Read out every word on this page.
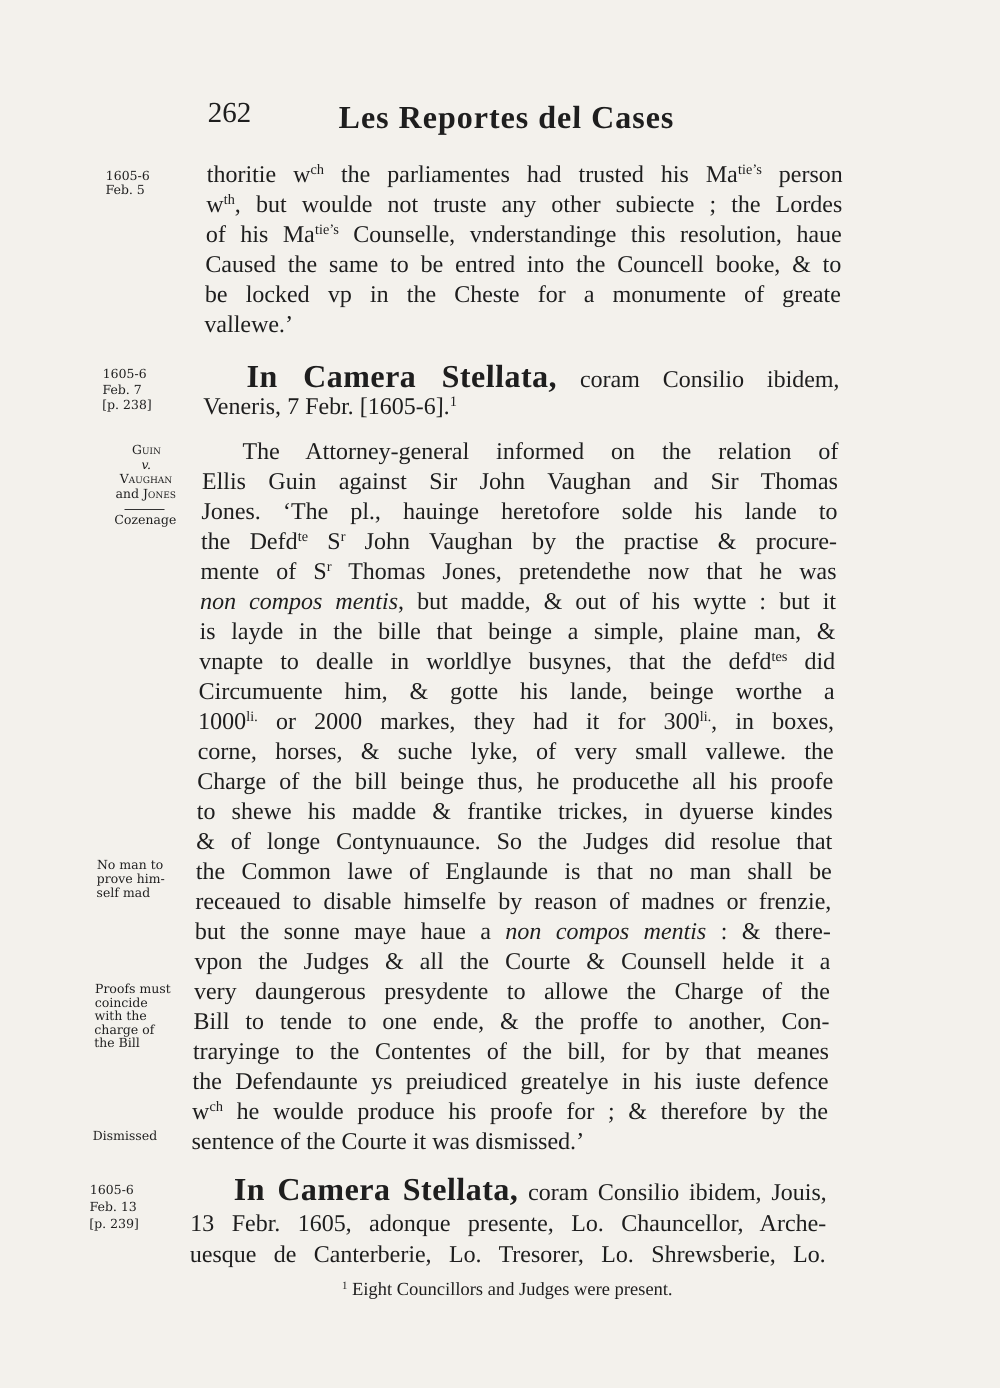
262	Les Reportes del Cases
1605-6
Feb. 5
1605-6
Feb. 7
[p. 238]
Guin
v.
Vaughan
and Jones
Cozenage
No man to
prove him-
self mad
Proofs must
coincide
with the
charge of
the Bill
Dismissed
1605-6
Feb. 13
[p. 239]
thoritie $w^{ch}$ the parliamentes had trusted his $Ma^{tie’s}$ person
$w^{th}$, but woulde not truste any other subiecte ; the Lordes
of his $Ma^{tie’s}$ Counselle, vnderstandinge this resolution, haue
Caused the same to be entred into the Councell booke, & to
be locked vp in the Cheste for a monumente of greate
vallewe.’
In Camera Stellata, coram Consilio ibidem,
Veneris, 7 Febr. [1605-6].$^1$
The Attorney-general informed on the relation of
Ellis Guin against Sir John Vaughan and Sir Thomas
Jones. ‘The pl., hauinge heretofore solde his lande to
the Defd$^{te}$ $S^r$ John Vaughan by the practise & procure-
mente of $S^r$ Thomas Jones, pretendethe now that he was
non compos mentis, but madde, & out of his wytte : but it
is layde in the bille that beinge a simple, plaine man, &
vnapte to dealle in worldlye busynes, that the defd$^{tes}$ did
Circumuente him, & gotte his lande, beinge worthe a
$1000^{li.}$ or 2000 markes, they had it for $300^{li.}$, in boxes,
corne, horses, & suche lyke, of very small vallewe. the
Charge of the bill beinge thus, he producethe all his proofe
to shewe his madde & frantike trickes, in dyuerse kindes
& of longe Contynuaunce. So the Judges did resolue that
the Common lawe of Englaunde is that no man shall be
receaued to disable himselfe by reason of madnes or frenzie,
but the sonne maye haue a non compos mentis : & there-
vpon the Judges & all the Courte & Counsell helde it a
very daungerous presydente to allowe the Charge of the
Bill to tende to one ende, & the proffe to another, Con-
traryinge to the Contentes of the bill, for by that meanes
the Defendaunte ys preiudiced greatelye in his iuste defence
$w^{ch}$ he woulde produce his proofe for ; & therefore by the
sentence of the Courte it was dismissed.’
In Camera Stellata, coram Consilio ibidem, Jouis,
13 Febr. 1605, adonque presente, Lo. Chauncellor, Arche-
uesque de Canterberie, Lo. Tresorer, Lo. Shrewsberie, Lo.
$^1$ Eight Councillors and Judges were present.
